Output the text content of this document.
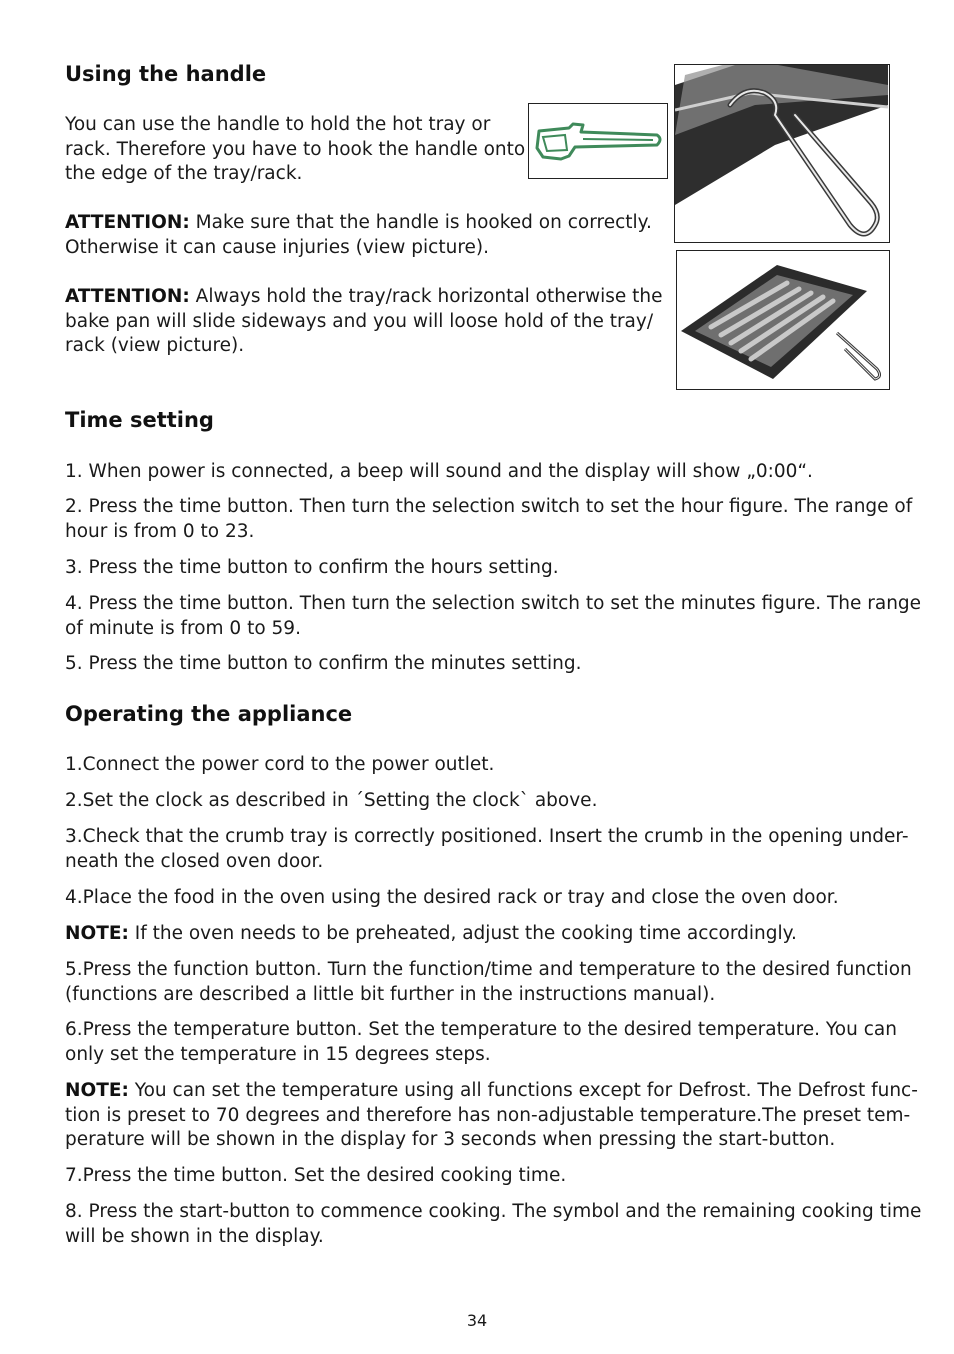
Using the handle
You can use the handle to hold the hot tray or
rack. Therefore you have to hook the handle onto
the edge of the tray/rack.
ATTENTION: Make sure that the handle is hooked on correctly.
Otherwise it can cause injuries (view picture).
ATTENTION: Always hold the tray/rack horizontal otherwise the
bake pan will slide sideways and you will loose hold of the tray/
rack (view picture).
Time setting
1. When power is connected, a beep will sound and the display will show „0:00“.
2. Press the time button. Then turn the selection switch to set the hour figure. The range of
hour is from 0 to 23.
3. Press the time button to confirm the hours setting.
4. Press the time button. Then turn the selection switch to set the minutes figure. The range
of minute is from 0 to 59.
5. Press the time button to confirm the minutes setting.
Operating the appliance
1.Connect the power cord to the power outlet.
2.Set the clock as described in ´Setting the clock` above.
3.Check that the crumb tray is correctly positioned. Insert the crumb in the opening under-
neath the closed oven door.
4.Place the food in the oven using the desired rack or tray and close the oven door.
NOTE: If the oven needs to be preheated, adjust the cooking time accordingly.
5.Press the function button. Turn the function/time and temperature to the desired function
(functions are described a little bit further in the instructions manual).
6.Press the temperature button. Set the temperature to the desired temperature. You can
only set the temperature in 15 degrees steps.
NOTE: You can set the temperature using all functions except for Defrost. The Defrost func-
tion is preset to 70 degrees and therefore has non-adjustable temperature.The preset tem-
perature will be shown in the display for 3 seconds when pressing the start-button.
7.Press the time button. Set the desired cooking time.
8. Press the start-button to commence cooking. The symbol and the remaining cooking time
will be shown in the display.
34
